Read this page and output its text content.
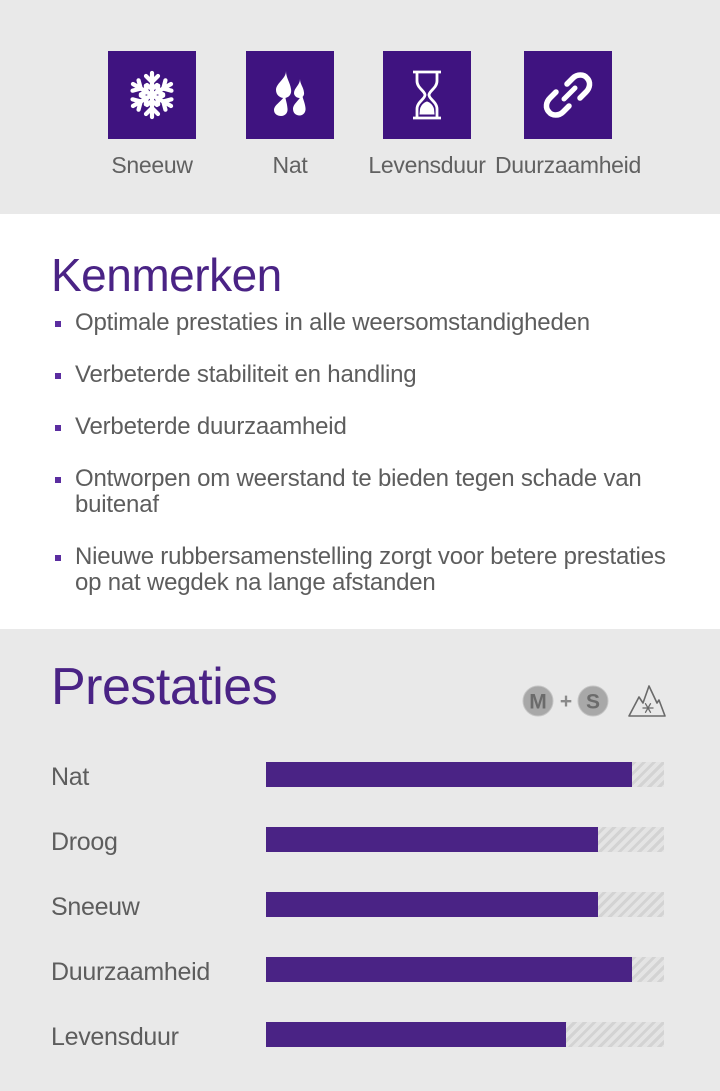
Sneeuw	Nat	Levensduur Duurzaamheid
Kenmerken
Optimale prestaties in alle weersomstandigheden
Verbeterde stabiliteit en handling
Verbeterde duurzaamheid
Ontworpen om weerstand te bieden tegen schade van buitenaf
Nieuwe rubbersamenstelling zorgt voor betere prestaties op nat wegdek na lange afstanden
Prestaties	M + S
Nat
Droog
Sneeuw
Duurzaamheid
Levensduur
